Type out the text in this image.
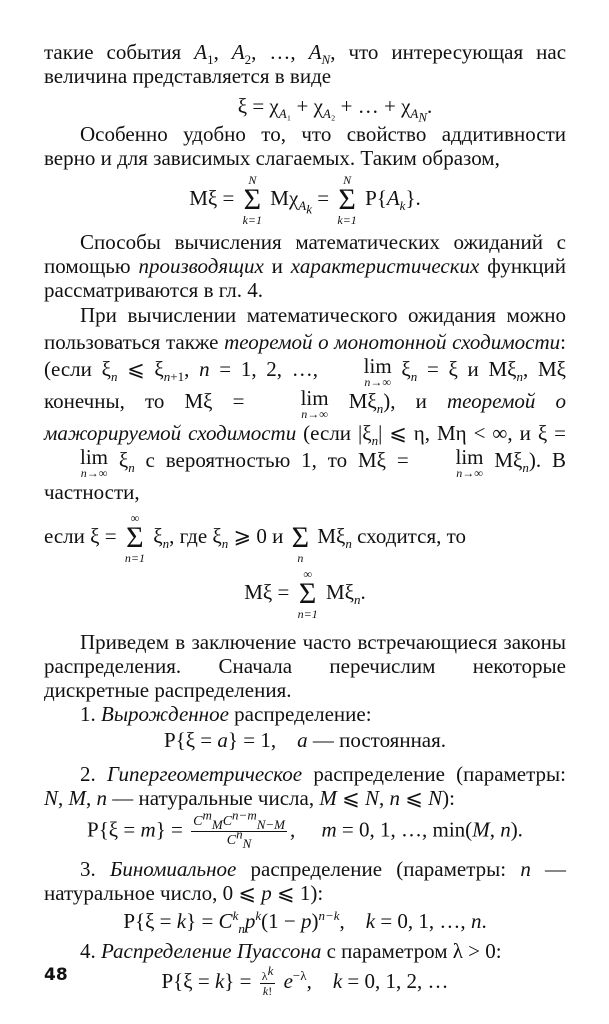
такие события $A_1$, $A_2$, …, $A_N$, что интересующая нас величина представляется в виде

$\xi = \chi_{A_1} + \chi_{A_2}$ + … + $\chi_{A_N}$.

Особенно удобно то, что свойство аддитивности верно и для зависимых слагаемых. Таким образом,

Mξ =
N
Σ
k=1
$M\chi_{A_k}$ =
N
Σ
k=1
$P\{A_k\}$.

Способы вычисления математических ожиданий с помощью производящих и характеристических функций рассматриваются в гл. 4.

При вычислении математического ожидания можно пользоваться также теоремой о монотонной сходимости:(если $\xi_n$ ⩽ $\xi_{n+1}$, n = 1, 2, …,	lim
n→∞
$\xi_n = \xi$ и $M\xi_n$, Mξ конечны, то Mξ =	lim
n→∞
$M\xi_n$), и теоремой о мажорируемой сходимости (если $|\xi_n|$ ⩽ η, Mη < ∞, и ξ =
lim
n→∞
$\xi_n$ с вероятностью 1, то Mξ =	lim
n→∞
$M\xi_n$). В частности,

если ξ =
∞
Σ
n=1
$\xi_n$, где $\xi_n$ ⩾ 0 и
Σ
n
$M\xi_n$ сходится, то

Mξ =
∞
Σ
n=1
$M\xi_n$.

Приведем в заключение часто встречающиеся законы распределения. Сначала перечислим некоторые дискретные распределения.

1. Вырожденное распределение:

P{ξ = a} = 1,    a — постоянная.

2. Гипергеометрическое распределение (параметры: N, M, n — натуральные числа, M ⩽ N, n ⩽ N):

$P\{\xi = m\} = \frac{C^m_MC^{n-m}_{N-M}}{C^n_N}$ ,     m = 0, 1, …, min(M, n).

3. Биномиальное распределение (параметры: n — натуральное число, 0 ⩽ p ⩽ 1):

$P\{\xi = k\} = C^k_np^k(1 - p)^{n-k}$,    k = 0, 1, …, n.

4. Распределение Пуассона с параметром λ > 0:

$P\{\xi = k\} = \frac{\lambda^k}{k!} e^{-\lambda}$,    k = 0, 1, 2, …

48
